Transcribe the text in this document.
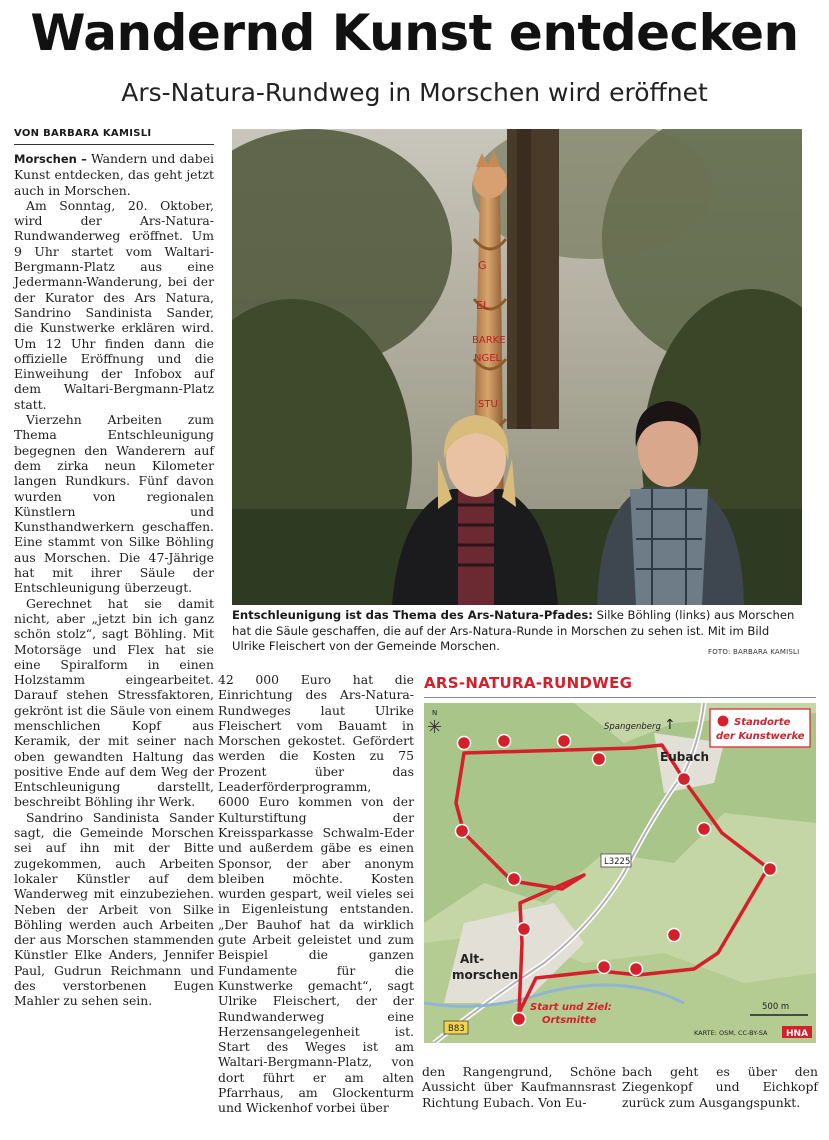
Wandernd Kunst entdecken
Ars-Natura-Rundweg in Morschen wird eröffnet
VON BARBARA KAMISLI

Morschen – Wandern und dabei Kunst entdecken, das geht jetzt auch in Morschen.

Am Sonntag, 20. Oktober, wird der Ars-Natura-Rundwanderweg eröffnet. Um 9 Uhr startet vom Waltari-Bergmann-Platz aus eine Jedermann-Wanderung, bei der der Kurator des Ars Natura, Sandrino Sandinista Sander, die Kunstwerke erklären wird. Um 12 Uhr finden dann die offizielle Eröffnung und die Einweihung der Infobox auf dem Waltari-Bergmann-Platz statt.

Vierzehn Arbeiten zum Thema Entschleunigung begegnen den Wanderern auf dem zirka neun Kilometer langen Rundkurs. Fünf davon wurden von regionalen Künstlern und Kunsthandwerkern geschaffen. Eine stammt von Silke Böhling aus Morschen. Die 47-Jährige hat mit ihrer Säule der Entschleunigung überzeugt.

Gerechnet hat sie damit nicht, aber „jetzt bin ich ganz schön stolz“, sagt Böhling. Mit Motorsäge und Flex hat sie eine Spiralform in einen Holzstamm eingearbeitet. Darauf stehen Stressfaktoren, gekrönt ist die Säule von einem menschlichen Kopf aus Keramik, der mit seiner nach oben gewandten Haltung das positive Ende auf dem Weg der Entschleunigung darstellt, beschreibt Böhling ihr Werk.

Sandrino Sandinista Sander sagt, die Gemeinde Morschen sei auf ihn mit der Bitte zugekommen, auch Arbeiten lokaler Künstler auf dem Wanderweg mit einzubeziehen. Neben der Arbeit von Silke Böhling werden auch Arbeiten der aus Morschen stammenden Künstler Elke Anders, Jennifer Paul, Gudrun Reichmann und des verstorbenen Eugen Mahler zu sehen sein.

G
EL
BARKE
NGEL
STU
Entschleunigung ist das Thema des Ars-Natura-Pfades: Silke Böhling (links) aus Morschen hat die Säule geschaffen, die auf der Ars-Natura-Runde in Morschen zu sehen ist. Mit im Bild Ulrike Fleischert von der Gemeinde Morschen.	FOTO: BARBARA KAMISLI

42 000 Euro hat die Einrichtung des Ars-Natura-Rundweges laut Ulrike Fleischert vom Bauamt in Morschen gekostet. Gefördert werden die Kosten zu 75 Prozent über das Leaderförderprogramm,

6000 Euro kommen von der Kulturstiftung der Kreissparkasse Schwalm-Eder und außerdem gäbe es einen Sponsor, der aber anonym bleiben möchte. Kosten wurden gespart, weil vieles sei in Eigenleistung entstanden. „Der Bauhof hat da wirklich gute Arbeit geleistet und zum Beispiel die ganzen Fundamente für die Kunstwerke gemacht“, sagt Ulrike Fleischert, der der Rundwanderweg eine Herzensangelegenheit ist. Start des Weges ist am Waltari-Bergmann-Platz, von dort führt er am alten Pfarrhaus, am Glockenturm und Wickenhof vorbei über

ARS-NATURA-RUNDWEG
N
✳	Standorte
der Kunstwerke
Spangenberg ↑
Eubach
L3225
Alt-
morschen
Start und Ziel:
Ortsmitte
B83
500 m
KARTE: OSM, CC-BY-SA HNA

den Rangengrund, Schöne Aussicht über Kaufmannsrast Richtung Eubach. Von Eu-

bach geht es über den Ziegenkopf und Eichkopf zurück zum Ausgangspunkt.
